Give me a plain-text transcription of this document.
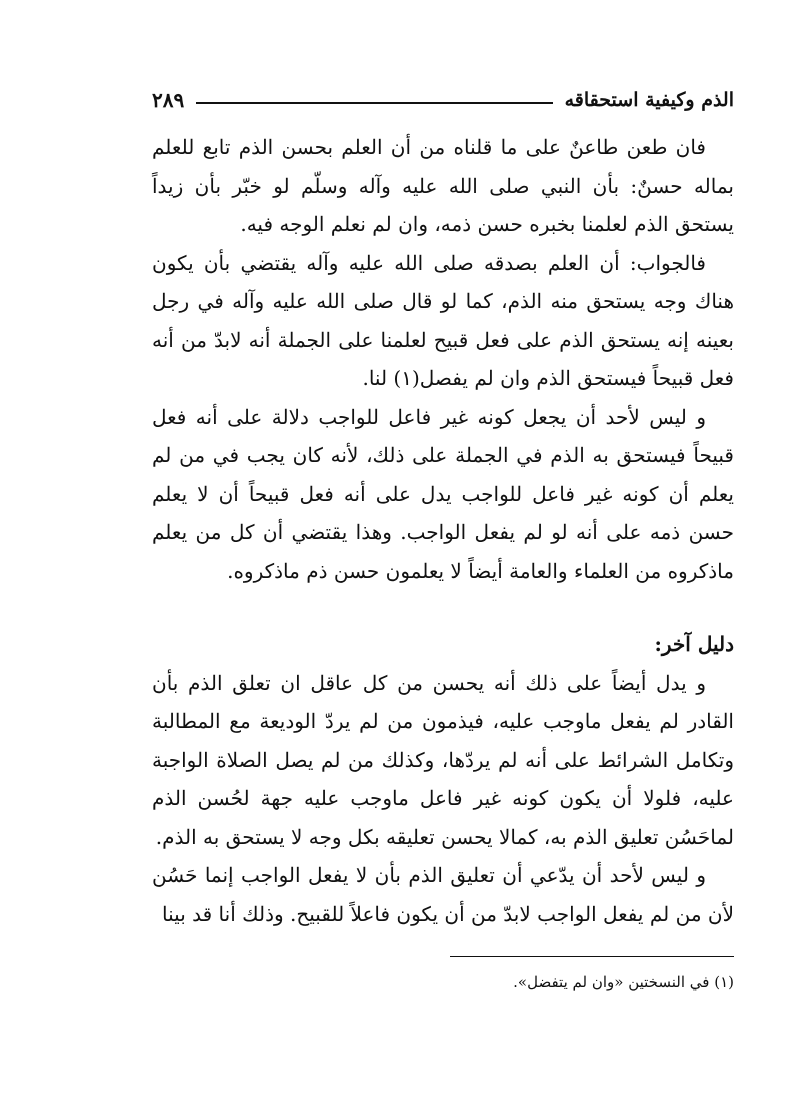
الذم وكيفية استحقاقه
٢٨٩

فان طعن طاعنٌ على ما قلناه من أن العلم بحسن الذم تابع للعلم بماله حسنٌ: بأن النبي صلى الله عليه وآله وسلّم لو خبّر بأن زيداً يستحق الذم لعلمنا بخبره حسن ذمه، وان لم نعلم الوجه فيه.

فالجواب: أن العلم بصدقه صلى الله عليه وآله يقتضي بأن يكون هناك وجه يستحق منه الذم، كما لو قال صلى الله عليه وآله في رجل بعينه إنه يستحق الذم على فعل قبيح لعلمنا على الجملة أنه لابدّ من أنه فعل قبيحاً فيستحق الذم وان لم يفصل(١) لنا.

و ليس لأحد أن يجعل كونه غير فاعل للواجب دلالة على أنه فعل قبيحاً فيستحق به الذم في الجملة على ذلك، لأنه كان يجب في من لم يعلم أن كونه غير فاعل للواجب يدل على أنه فعل قبيحاً أن لا يعلم حسن ذمه على أنه لو لم يفعل الواجب. وهذا يقتضي أن كل من يعلم ماذكروه من العلماء والعامة أيضاً لا يعلمون حسن ذم ماذكروه.

دليل آخر:

و يدل أيضاً على ذلك أنه يحسن من كل عاقل ان تعلق الذم بأن القادر لم يفعل ماوجب عليه، فيذمون من لم يردّ الوديعة مع المطالبة وتكامل الشرائط على أنه لم يردّها، وكذلك من لم يصل الصلاة الواجبة عليه، فلولا أن يكون كونه غير فاعل ماوجب عليه جهة لحُسن الذم لماحَسُن تعليق الذم به، كمالا يحسن تعليقه بكل وجه لا يستحق به الذم.

و ليس لأحد أن يدّعي أن تعليق الذم بأن لا يفعل الواجب إنما حَسُن لأن من لم يفعل الواجب لابدّ من أن يكون فاعلاً للقبيح. وذلك أنا قد بينا

(١) في النسختين «وان لم يتفضل».
